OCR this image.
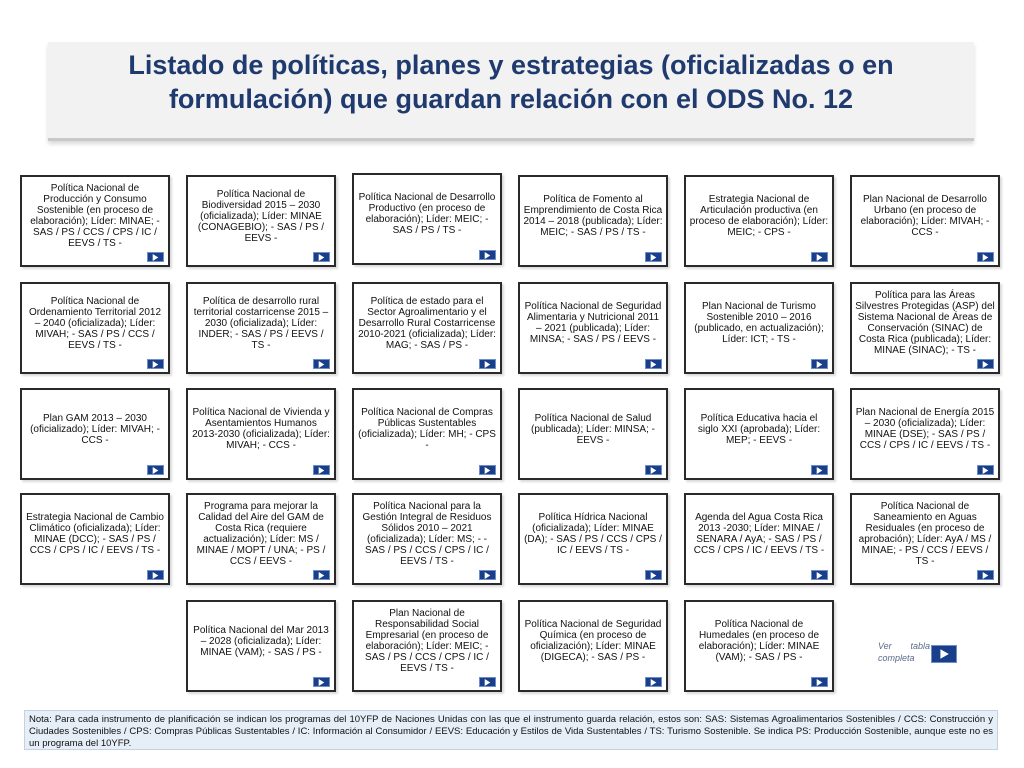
Listado de políticas, planes y estrategias (oficializadas o en formulación) que guardan relación con el ODS No. 12
Política Nacional de Producción y Consumo Sostenible (en proceso de elaboración); Líder: MINAE; - SAS / PS / CCS / CPS / IC / EEVS / TS -
Política Nacional de Biodiversidad 2015 – 2030 (oficializada); Líder: MINAE (CONAGEBIO); - SAS / PS / EEVS -
Política Nacional de Desarrollo Productivo (en proceso de elaboración); Líder: MEIC; - SAS / PS / TS -
Política de Fomento al Emprendimiento de Costa Rica 2014 – 2018 (publicada); Líder: MEIC; - SAS / PS / TS -
Estrategia Nacional de Articulación productiva (en proceso de elaboración); Líder: MEIC; - CPS -
Plan Nacional de Desarrollo Urbano (en proceso de elaboración); Líder: MIVAH; - CCS -
Política Nacional de Ordenamiento Territorial 2012 – 2040 (oficializada); Líder: MIVAH; - SAS / PS / CCS / EEVS / TS -
Política de desarrollo rural territorial costarricense 2015 – 2030 (oficializada); Líder: INDER; - SAS / PS / EEVS / TS -
Política de estado para el Sector Agroalimentario y el Desarrollo Rural Costarricense 2010-2021 (oficializada); Líder: MAG; - SAS / PS -
Política Nacional de Seguridad Alimentaria y Nutricional 2011 – 2021 (publicada); Líder: MINSA; - SAS / PS / EEVS -
Plan Nacional de Turismo Sostenible 2010 – 2016 (publicado, en actualización); Líder: ICT; - TS -
Política para las Áreas Silvestres Protegidas (ASP) del Sistema Nacional de Áreas de Conservación (SINAC) de Costa Rica (publicada); Líder: MINAE (SINAC); - TS -
Plan GAM 2013 – 2030 (oficializado); Líder: MIVAH; - CCS -
Política Nacional de Vivienda y Asentamientos Humanos 2013-2030 (oficializada); Líder: MIVAH; - CCS -
Política Nacional de Compras Públicas Sustentables (oficializada); Líder: MH; - CPS -
Política Nacional de Salud (publicada); Líder: MINSA; - EEVS -
Política Educativa hacia el siglo XXI (aprobada); Líder: MEP; - EEVS -
Plan Nacional de Energía 2015 – 2030 (oficializada); Líder: MINAE (DSE); - SAS / PS / CCS / CPS / IC / EEVS / TS -
Estrategia Nacional de Cambio Climático (oficializada); Líder: MINAE (DCC); - SAS / PS / CCS / CPS / IC / EEVS / TS -
Programa para mejorar la Calidad del Aire del GAM de Costa Rica (requiere actualización); Líder: MS / MINAE / MOPT / UNA; - PS / CCS / EEVS -
Política Nacional para la Gestión Integral de Residuos Sólidos 2010 – 2021 (oficializada); Líder: MS; - - SAS / PS / CCS / CPS / IC / EEVS / TS -
Política Hídrica Nacional (oficializada); Líder: MINAE (DA); - SAS / PS / CCS / CPS / IC / EEVS / TS -
Agenda del Agua Costa Rica 2013 -2030; Líder: MINAE / SENARA / AyA; - SAS / PS / CCS / CPS / IC / EEVS / TS -
Política Nacional de Saneamiento en Aguas Residuales (en proceso de aprobación); Líder: AyA / MS / MINAE; - PS / CCS / EEVS / TS -
Política Nacional del Mar 2013 – 2028 (oficializada); Líder: MINAE (VAM); - SAS / PS -
Plan Nacional de Responsabilidad Social Empresarial (en proceso de elaboración); Líder: MEIC; - SAS / PS / CCS / CPS / IC / EEVS / TS -
Política Nacional de Seguridad Química (en proceso de oficialización); Líder: MINAE (DIGECA); - SAS / PS -
Política Nacional de Humedales (en proceso de elaboración); Líder: MINAE (VAM); - SAS / PS -
Ver tabla completa
Nota: Para cada instrumento de planificación se indican los programas del 10YFP de Naciones Unidas con las que el instrumento guarda relación, estos son: SAS: Sistemas Agroalimentarios Sostenibles / CCS: Construcción y Ciudades Sostenibles / CPS: Compras Públicas Sustentables / IC: Información al Consumidor / EEVS: Educación y Estilos de Vida Sustentables / TS: Turismo Sostenible. Se indica PS: Producción Sostenible, aunque este no es un programa del 10YFP.
